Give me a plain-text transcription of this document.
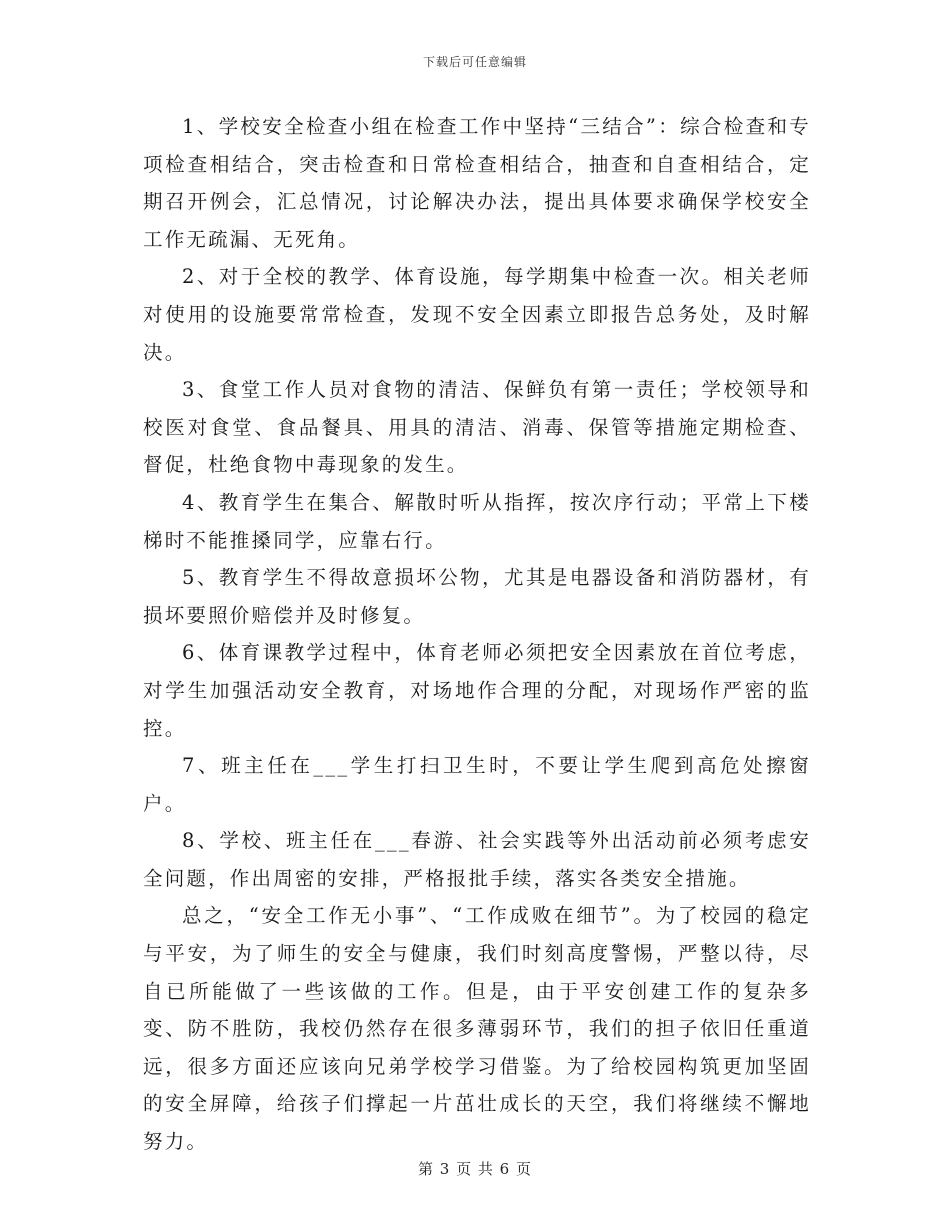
下载后可任意编辑

1、学校安全检查小组在检查工作中坚持“三结合”：综合检查和专项检查相结合，突击检查和日常检查相结合，抽查和自查相结合，定期召开例会，汇总情况，讨论解决办法，提出具体要求确保学校安全工作无疏漏、无死角。

2、对于全校的教学、体育设施，每学期集中检查一次。相关老师对使用的设施要常常检查，发现不安全因素立即报告总务处，及时解决。

3、食堂工作人员对食物的清洁、保鲜负有第一责任；学校领导和校医对食堂、食品餐具、用具的清洁、消毒、保管等措施定期检查、督促，杜绝食物中毒现象的发生。

4、教育学生在集合、解散时听从指挥，按次序行动；平常上下楼梯时不能推搡同学，应靠右行。

5、教育学生不得故意损坏公物，尤其是电器设备和消防器材，有损坏要照价赔偿并及时修复。

6、体育课教学过程中，体育老师必须把安全因素放在首位考虑，对学生加强活动安全教育，对场地作合理的分配，对现场作严密的监控。

7、班主任在___学生打扫卫生时，不要让学生爬到高危处擦窗户。

8、学校、班主任在___春游、社会实践等外出活动前必须考虑安全问题，作出周密的安排，严格报批手续，落实各类安全措施。

总之，“安全工作无小事”、“工作成败在细节”。为了校园的稳定与平安，为了师生的安全与健康，我们时刻高度警惕，严整以待，尽自已所能做了一些该做的工作。但是，由于平安创建工作的复杂多变、防不胜防，我校仍然存在很多薄弱环节，我们的担子依旧任重道远，很多方面还应该向兄弟学校学习借鉴。为了给校园构筑更加坚固的安全屏障，给孩子们撑起一片茁壮成长的天空，我们将继续不懈地努力。

第 3 页 共 6 页
